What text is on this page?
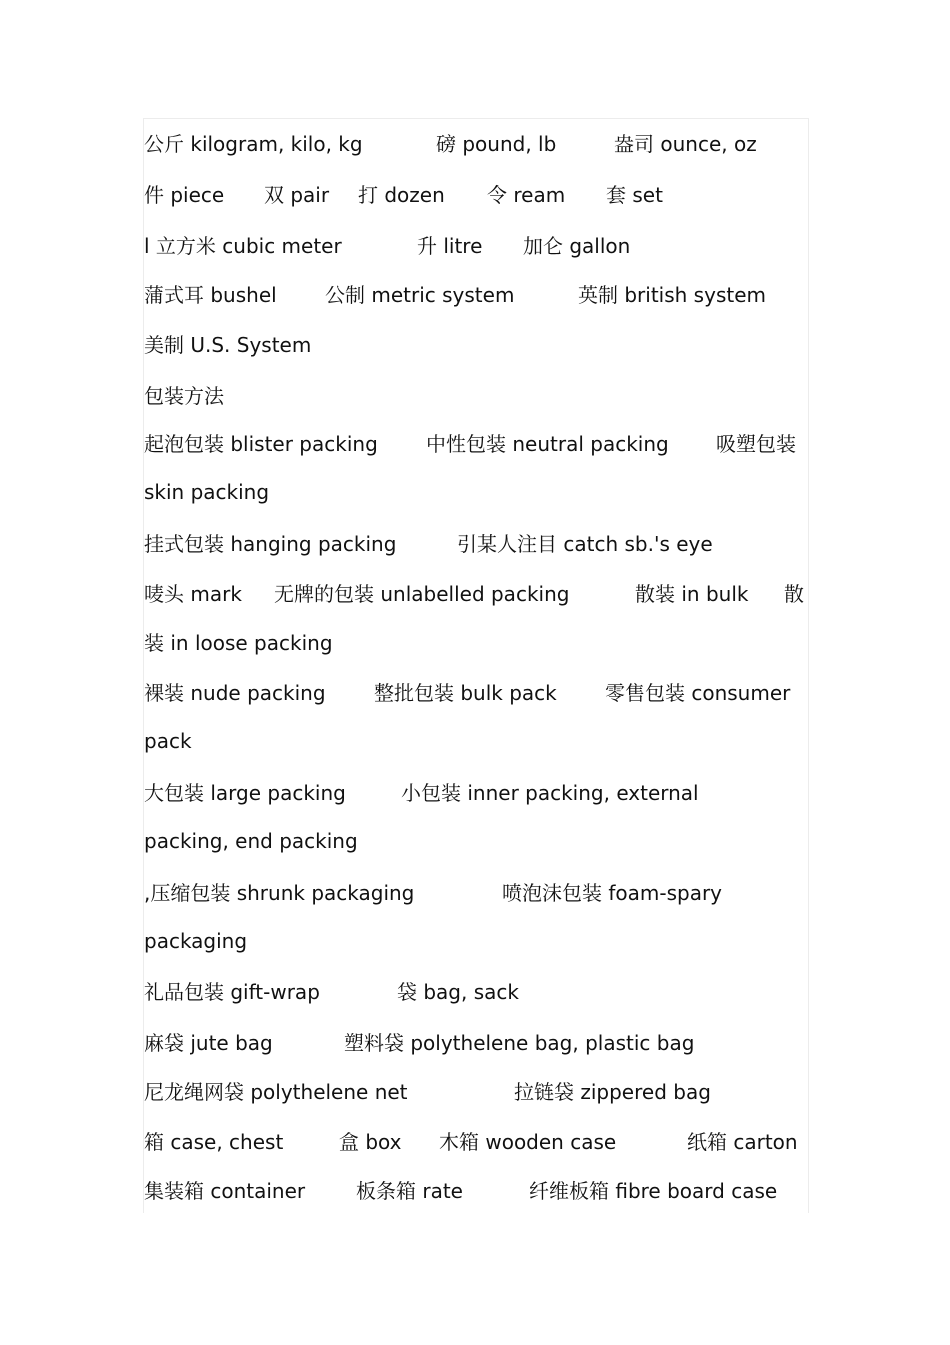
公斤 kilogram, kilo, kg	磅 pound, lb	盎司 ounce, oz
件 piece 双 pair 打 dozen 令 ream 套 set
l 立方米 cubic meter	升 litre 加仑 gallon
蒲式耳 bushel 公制 metric system	英制 british system
美制 U.S. System
包装方法
起泡包装 blister packing 中性包装 neutral packing 吸塑包装
skin packing
挂式包装 hanging packing	引某人注目 catch sb.'s eye
唛头 mark 无牌的包装 unlabelled packing	散装 in bulk 散
装 in loose packing
裸装 nude packing 整批包装 bulk pack 零售包装 consumer
pack
大包装 large packing	小包装 inner packing, external
packing, end packing
,压缩包装 shrunk packaging	喷泡沫包装 foam-spary
packaging
礼品包装 gift-wrap	袋 bag, sack
麻袋 jute bag	塑料袋 polythelene bag, plastic bag
尼龙绳网袋 polythelene net	拉链袋 zippered bag
箱 case, chest	盒 box 木箱 wooden case	纸箱 carton
集装箱 container	板条箱 rate	纤维板箱 fibre board case
